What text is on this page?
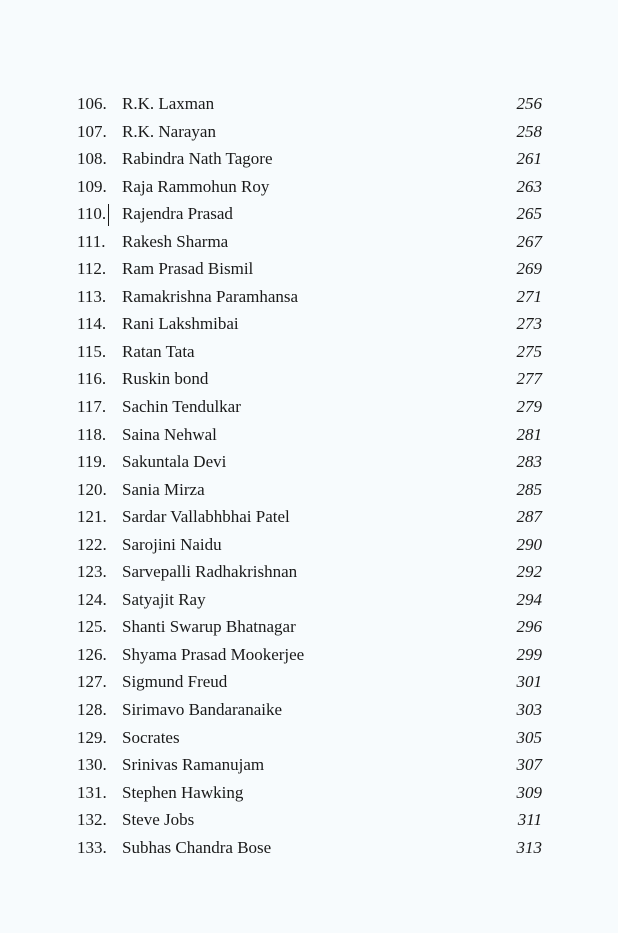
106. R.K. Laxman	256
107. R.K. Narayan	258
108. Rabindra Nath Tagore	261
109. Raja Rammohun Roy	263
110. Rajendra Prasad	265
111. Rakesh Sharma	267
112. Ram Prasad Bismil	269
113. Ramakrishna Paramhansa	271
114. Rani Lakshmibai	273
115. Ratan Tata	275
116. Ruskin bond	277
117. Sachin Tendulkar	279
118. Saina Nehwal	281
119. Sakuntala Devi	283
120. Sania Mirza	285
121. Sardar Vallabhbhai Patel	287
122. Sarojini Naidu	290
123. Sarvepalli Radhakrishnan	292
124. Satyajit Ray	294
125. Shanti Swarup Bhatnagar	296
126. Shyama Prasad Mookerjee	299
127. Sigmund Freud	301
128. Sirimavo Bandaranaike	303
129. Socrates	305
130. Srinivas Ramanujam	307
131. Stephen Hawking	309
132. Steve Jobs	311
133. Subhas Chandra Bose	313
